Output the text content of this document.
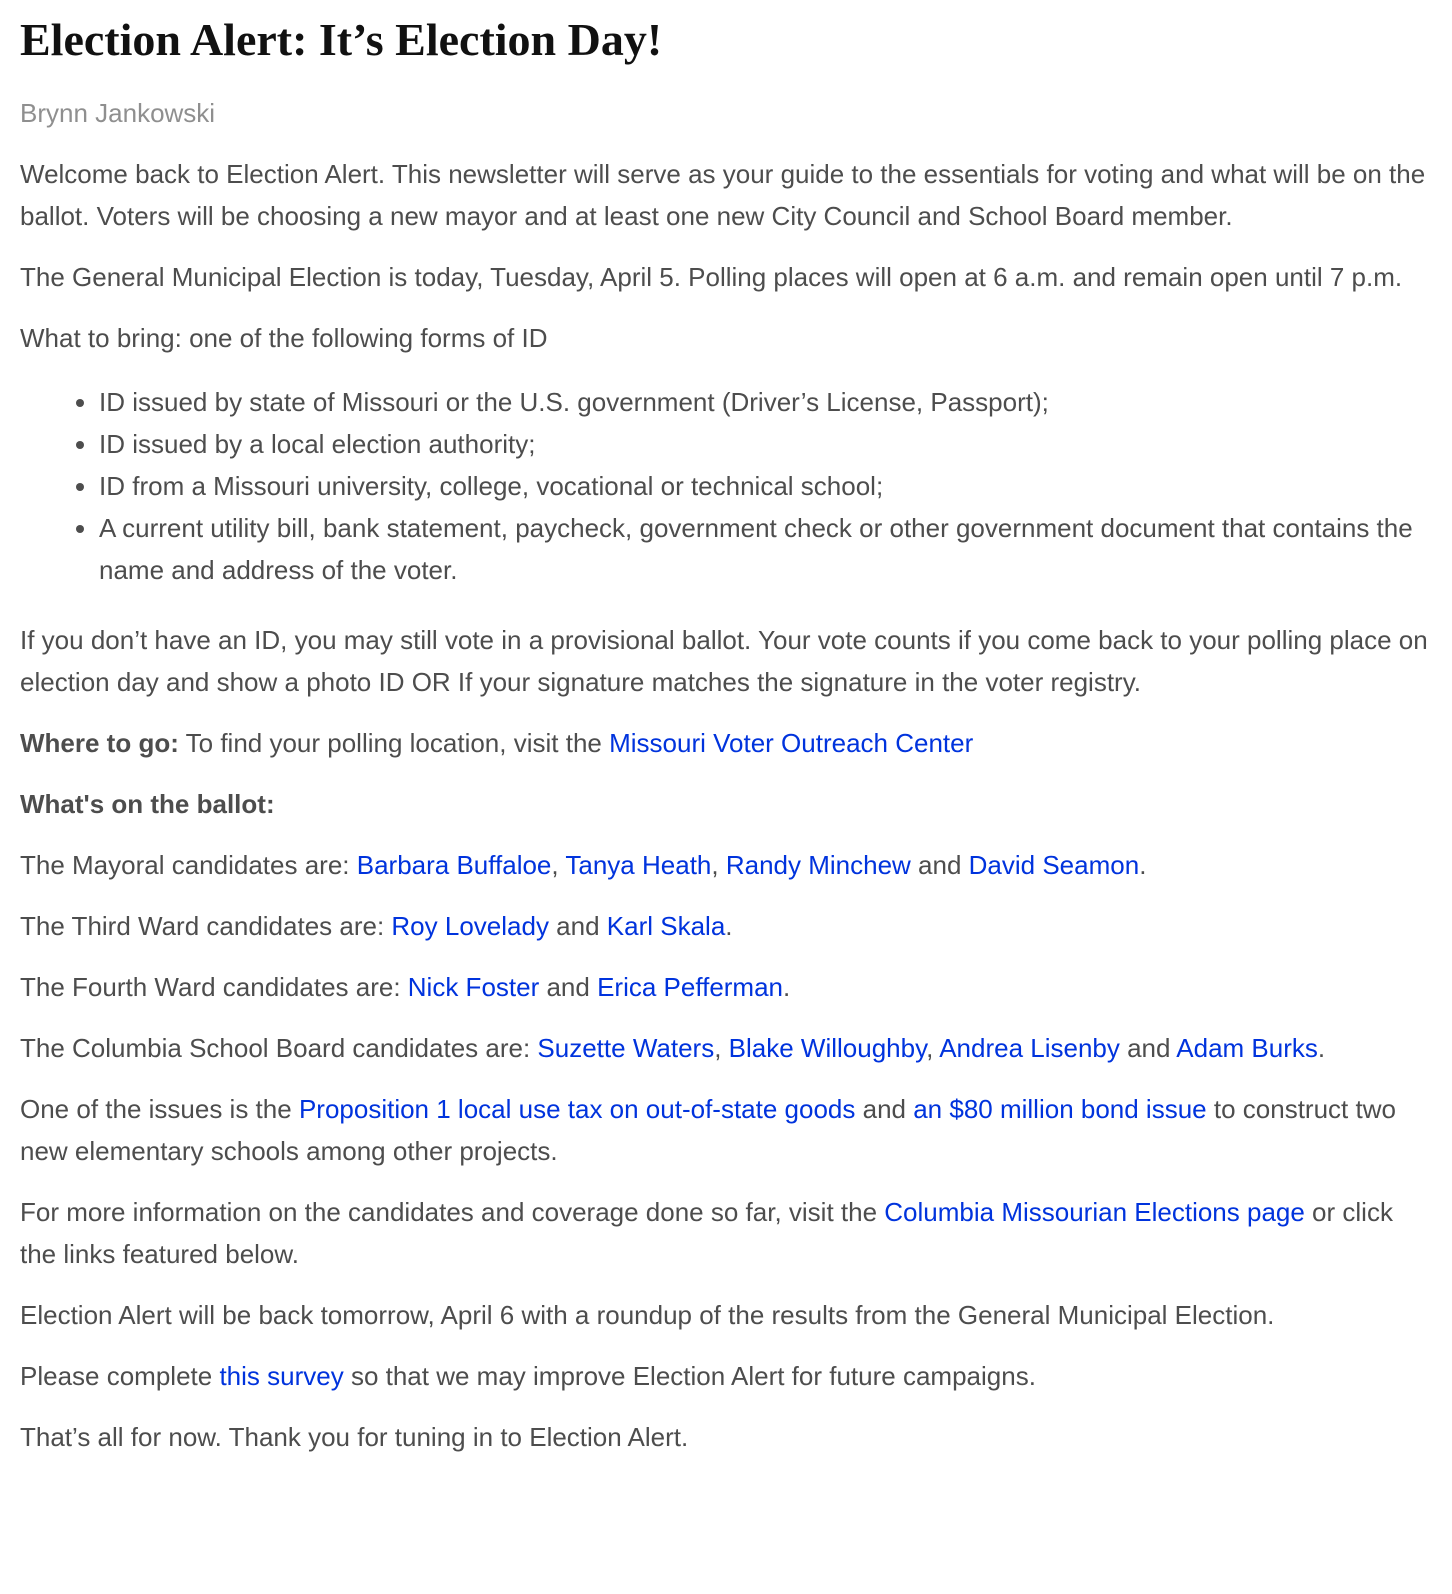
Election Alert: It’s Election Day!
Brynn Jankowski

Welcome back to Election Alert. This newsletter will serve as your guide to the essentials for voting and what will be on the ballot. Voters will be choosing a new mayor and at least one new City Council and School Board member.

The General Municipal Election is today, Tuesday, April 5. Polling places will open at 6 a.m. and remain open until 7 p.m.

What to bring: one of the following forms of ID

• ID issued by state of Missouri or the U.S. government (Driver’s License, Passport);
• ID issued by a local election authority;
• ID from a Missouri university, college, vocational or technical school;
• A current utility bill, bank statement, paycheck, government check or other government document that contains the name and address of the voter.

If you don’t have an ID, you may still vote in a provisional ballot. Your vote counts if you come back to your polling place on election day and show a photo ID OR If your signature matches the signature in the voter registry.

Where to go: To find your polling location, visit the Missouri Voter Outreach Center

What's on the ballot:

The Mayoral candidates are: Barbara Buffaloe, Tanya Heath, Randy Minchew and David Seamon.

The Third Ward candidates are: Roy Lovelady and Karl Skala.

The Fourth Ward candidates are: Nick Foster and Erica Pefferman.

The Columbia School Board candidates are: Suzette Waters, Blake Willoughby, Andrea Lisenby and Adam Burks.

One of the issues is the Proposition 1 local use tax on out-of-state goods and an $80 million bond issue to construct two new elementary schools among other projects.

For more information on the candidates and coverage done so far, visit the Columbia Missourian Elections page or click the links featured below.

Election Alert will be back tomorrow, April 6 with a roundup of the results from the General Municipal Election.

Please complete this survey so that we may improve Election Alert for future campaigns.

That’s all for now. Thank you for tuning in to Election Alert.
